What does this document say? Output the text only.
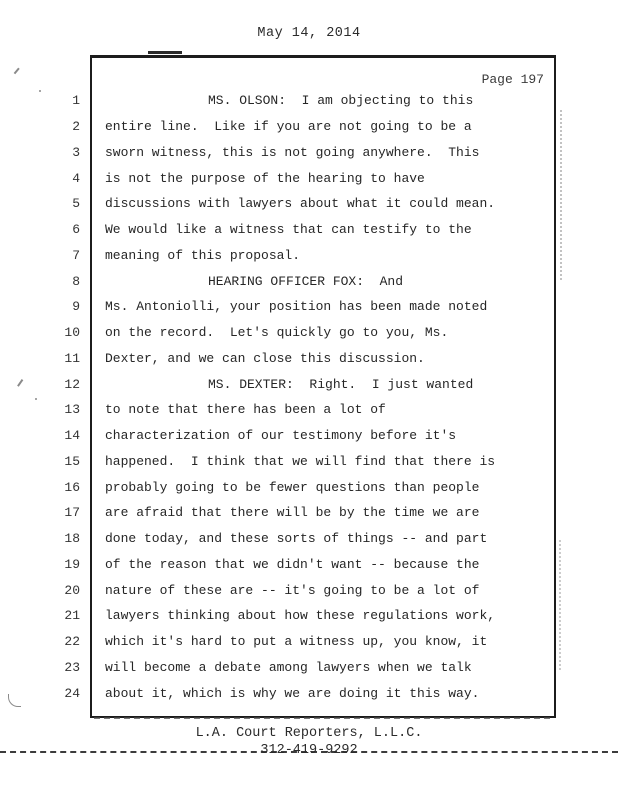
May 14, 2014
Page 197
1	MS. OLSON:  I am objecting to this
2 entire line.  Like if you are not going to be a
3 sworn witness, this is not going anywhere.  This
4 is not the purpose of the hearing to have
5 discussions with lawyers about what it could mean.
6 We would like a witness that can testify to the
7 meaning of this proposal.
8	HEARING OFFICER FOX:  And
9 Ms. Antoniolli, your position has been made noted
10 on the record.  Let's quickly go to you, Ms.
11 Dexter, and we can close this discussion.
12	MS. DEXTER:  Right.  I just wanted
13 to note that there has been a lot of
14 characterization of our testimony before it's
15 happened.  I think that we will find that there is
16 probably going to be fewer questions than people
17 are afraid that there will be by the time we are
18 done today, and these sorts of things -- and part
19 of the reason that we didn't want -- because the
20 nature of these are -- it's going to be a lot of
21 lawyers thinking about how these regulations work,
22 which it's hard to put a witness up, you know, it
23 will become a debate among lawyers when we talk
24 about it, which is why we are doing it this way.
L.A. Court Reporters, L.L.C.
312-419-9292
